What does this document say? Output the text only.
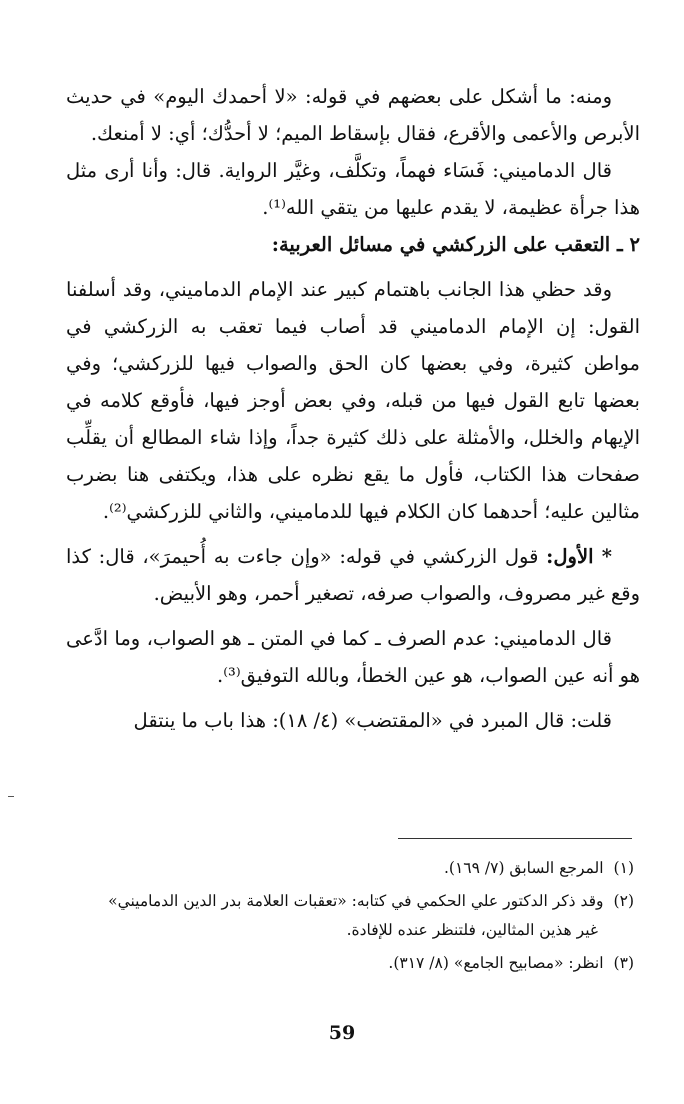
ومنه: ما أشكل على بعضهم في قوله: «لا أحمدك اليوم» في حديث الأبرص والأعمى والأقرع، فقال بإسقاط الميم؛ لا أحدُّك؛ أي: لا أمنعك.

قال الدماميني: فَسَاء فهماً، وتكلَّف، وغيَّر الرواية. قال: وأنا أرى مثل هذا جرأة عظيمة، لا يقدم عليها من يتقي الله⁽¹⁾.

٢ ـ التعقب على الزركشي في مسائل العربية:

وقد حظي هذا الجانب باهتمام كبير عند الإمام الدماميني، وقد أسلفنا القول: إن الإمام الدماميني قد أصاب فيما تعقب به الزركشي في مواطن كثيرة، وفي بعضها كان الحق والصواب فيها للزركشي؛ وفي بعضها تابع القول فيها من قبله، وفي بعض أوجز فيها، فأوقع كلامه في الإيهام والخلل، والأمثلة على ذلك كثيرة جداً، وإذا شاء المطالع أن يقلِّب صفحات هذا الكتاب، فأول ما يقع نظره على هذا، ويكتفى هنا بضرب مثالين عليه؛ أحدهما كان الكلام فيها للدماميني، والثاني للزركشي⁽²⁾.

* الأول: قول الزركشي في قوله: «وإن جاءت به أُحيمرَ»، قال: كذا وقع غير مصروف، والصواب صرفه، تصغير أحمر، وهو الأبيض.

قال الدماميني: عدم الصرف ـ كما في المتن ـ هو الصواب، وما ادَّعى هو أنه عين الصواب، هو عين الخطأ، وبالله التوفيق⁽³⁾.

قلت: قال المبرد في «المقتضب» (٤/ ١٨): هذا باب ما ينتقل

(١)المرجع السابق (٧/ ١٦٩).

(٢)وقد ذكر الدكتور علي الحكمي في كتابه: «تعقبات العلامة بدر الدين الدماميني»
غير هذين المثالين، فلتنظر عنده للإفادة.

(٣)انظر: «مصابيح الجامع» (٨/ ٣١٧).

59
